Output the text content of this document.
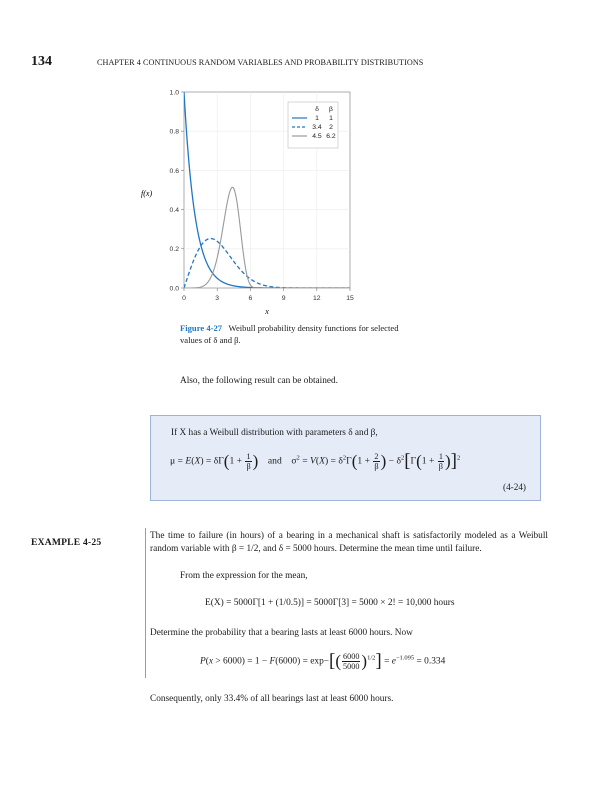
134	CHAPTER 4 CONTINUOUS RANDOM VARIABLES AND PROBABILITY DISTRIBUTIONS
0	3	6	9	12	15
0.0
0.2
0.4
0.6
0.8
1.0
δ β
1 1
3.4 2
4.5 6.2
x
f(x)
Figure 4-27 Weibull probability density functions for selected values of δ and β.
Also, the following result can be obtained.
If X has a Weibull distribution with parameters δ and β,
$\mu = E(X) = \delta\Gamma(1 + \frac{1}{\beta}$ )    and    $\sigma^2 = V(X) = \delta^2\Gamma(1 + \frac{2}{\beta}$ ) − $\delta^2[\Gamma(1 + \frac{1}{\beta} )]^2$
(4-24)
EXAMPLE 4-25
The time to failure (in hours) of a bearing in a mechanical shaft is satisfactorily modeled as a Weibull random variable with β = 1/2, and δ = 5000 hours. Determine the mean time until failure.
From the expression for the mean,
E(X) = 5000Γ[1 + (1/0.5)] = 5000Γ[3] = 5000 × 2! = 10,000 hours
Determine the probability that a bearing lasts at least 6000 hours. Now
$P(x > 6000) = 1 - F(6000) = \exp-[( \frac{6000}{5000} )^{1/2}] = e^{-1.095} = 0.334$
Consequently, only 33.4% of all bearings last at least 6000 hours.
